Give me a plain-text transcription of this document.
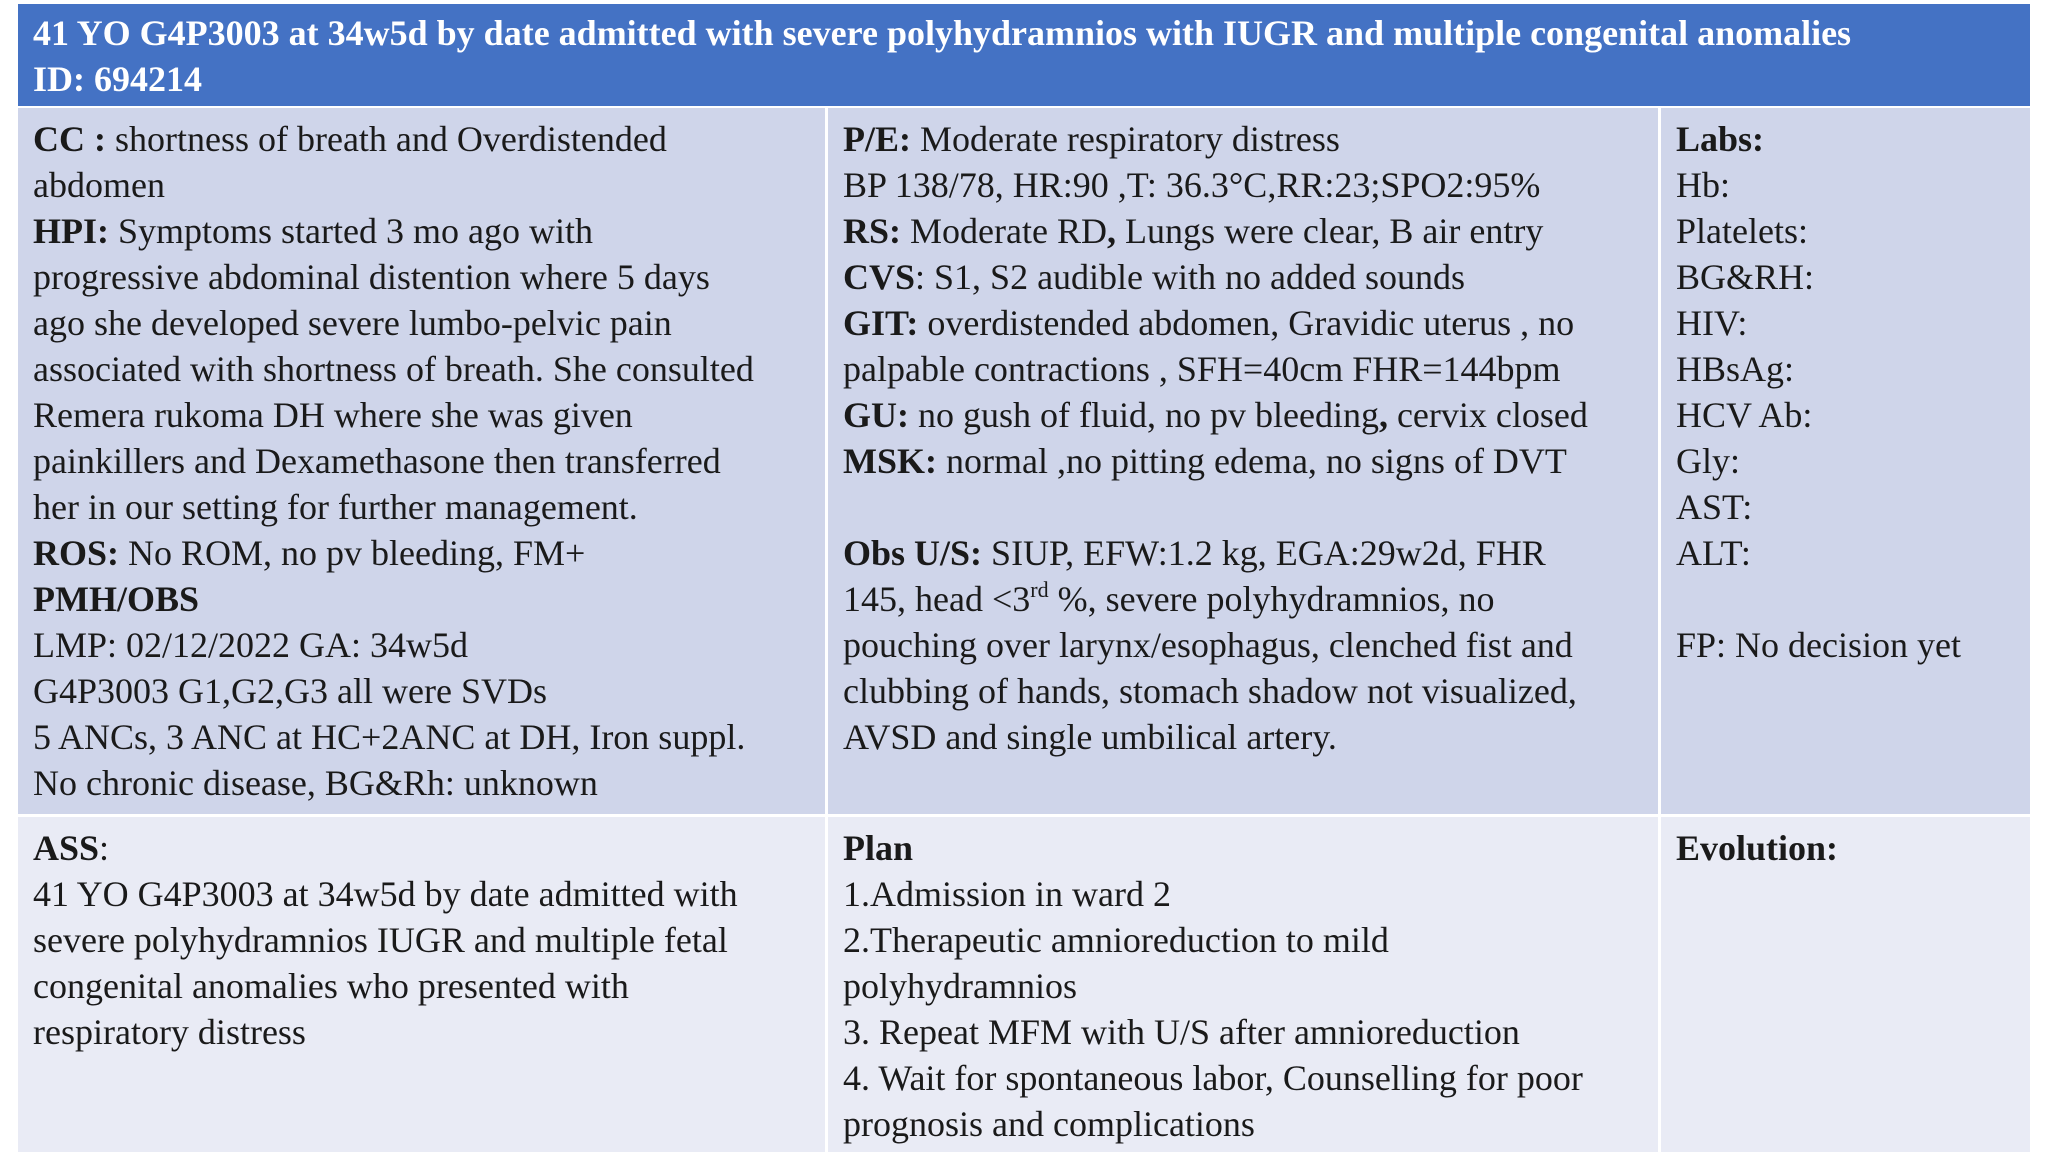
41 YO G4P3003 at 34w5d by date admitted with severe polyhydramnios with IUGR and multiple congenital anomalies
ID: 694214
CC : shortness of breath and Overdistended
abdomen
HPI: Symptoms started 3 mo ago with
progressive abdominal distention where 5 days
ago she developed severe lumbo-pelvic pain
associated with shortness of breath. She consulted
Remera rukoma DH where she was given
painkillers and Dexamethasone then transferred
her in our setting for further management.
ROS: No ROM, no pv bleeding, FM+
PMH/OBS
LMP: 02/12/2022 GA: 34w5d
G4P3003 G1,G2,G3 all were SVDs
5 ANCs, 3 ANC at HC+2ANC at DH, Iron suppl.
No chronic disease, BG&Rh: unknown
P/E: Moderate respiratory distress
BP 138/78, HR:90 ,T: 36.3°C,RR:23;SPO2:95%
RS: Moderate RD, Lungs were clear, B air entry
CVS: S1, S2 audible with no added sounds
GIT: overdistended abdomen, Gravidic uterus , no
palpable contractions , SFH=40cm FHR=144bpm
GU: no gush of fluid, no pv bleeding, cervix closed
MSK: normal ,no pitting edema, no signs of DVT
Obs U/S: SIUP, EFW:1.2 kg, EGA:29w2d, FHR
145, head <3rd %, severe polyhydramnios, no
pouching over larynx/esophagus, clenched fist and
clubbing of hands, stomach shadow not visualized,
AVSD and single umbilical artery.
Labs:
Hb:
Platelets:
BG&RH:
HIV:
HBsAg:
HCV Ab:
Gly:
AST:
ALT:
FP: No decision yet
ASS:
41 YO G4P3003 at 34w5d by date admitted with
severe polyhydramnios IUGR and multiple fetal
congenital anomalies who presented with
respiratory distress
Plan
1.Admission in ward 2
2.Therapeutic amnioreduction to mild
polyhydramnios
3. Repeat MFM with U/S after amnioreduction
4. Wait for spontaneous labor, Counselling for poor
prognosis and complications
Evolution:
